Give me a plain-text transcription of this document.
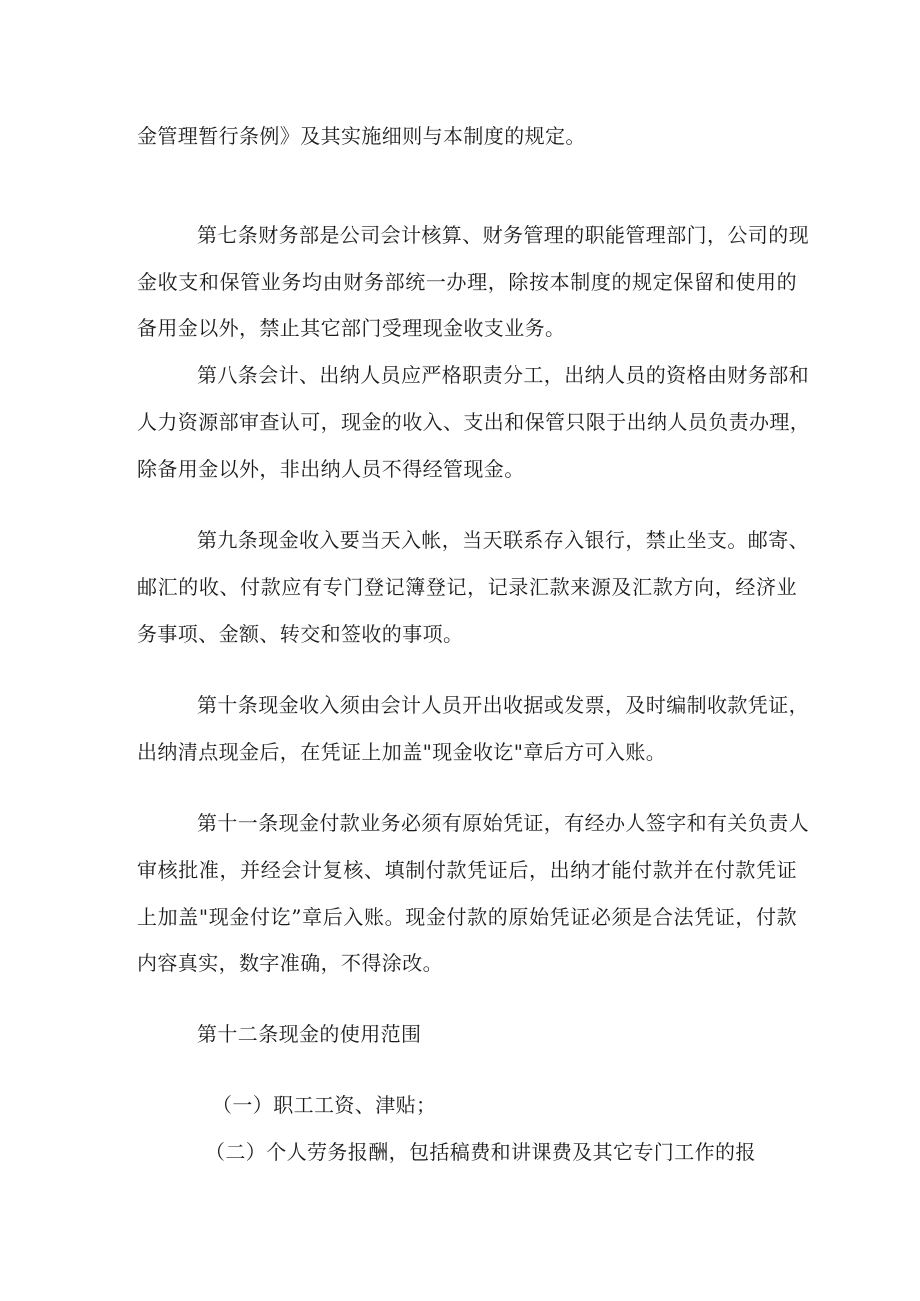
金管理暂行条例》及其实施细则与本制度的规定。
第七条财务部是公司会计核算、财务管理的职能管理部门，公司的现
金收支和保管业务均由财务部统一办理，除按本制度的规定保留和使用的
备用金以外，禁止其它部门受理现金收支业务。
第八条会计、出纳人员应严格职责分工，出纳人员的资格由财务部和
人力资源部审查认可，现金的收入、支出和保管只限于出纳人员负责办理，
除备用金以外，非出纳人员不得经管现金。
第九条现金收入要当天入帐，当天联系存入银行，禁止坐支。邮寄、
邮汇的收、付款应有专门登记簿登记，记录汇款来源及汇款方向，经济业
务事项、金额、转交和签收的事项。
第十条现金收入须由会计人员开出收据或发票，及时编制收款凭证，
出纳清点现金后，在凭证上加盖"现金收讫"章后方可入账。
第十一条现金付款业务必须有原始凭证，有经办人签字和有关负责人
审核批准，并经会计复核、填制付款凭证后，出纳才能付款并在付款凭证
上加盖"现金付讫”章后入账。现金付款的原始凭证必须是合法凭证，付款
内容真实，数字准确，不得涂改。
第十二条现金的使用范围
（一）职工工资、津贴；
（二）个人劳务报酬，包括稿费和讲课费及其它专门工作的报
